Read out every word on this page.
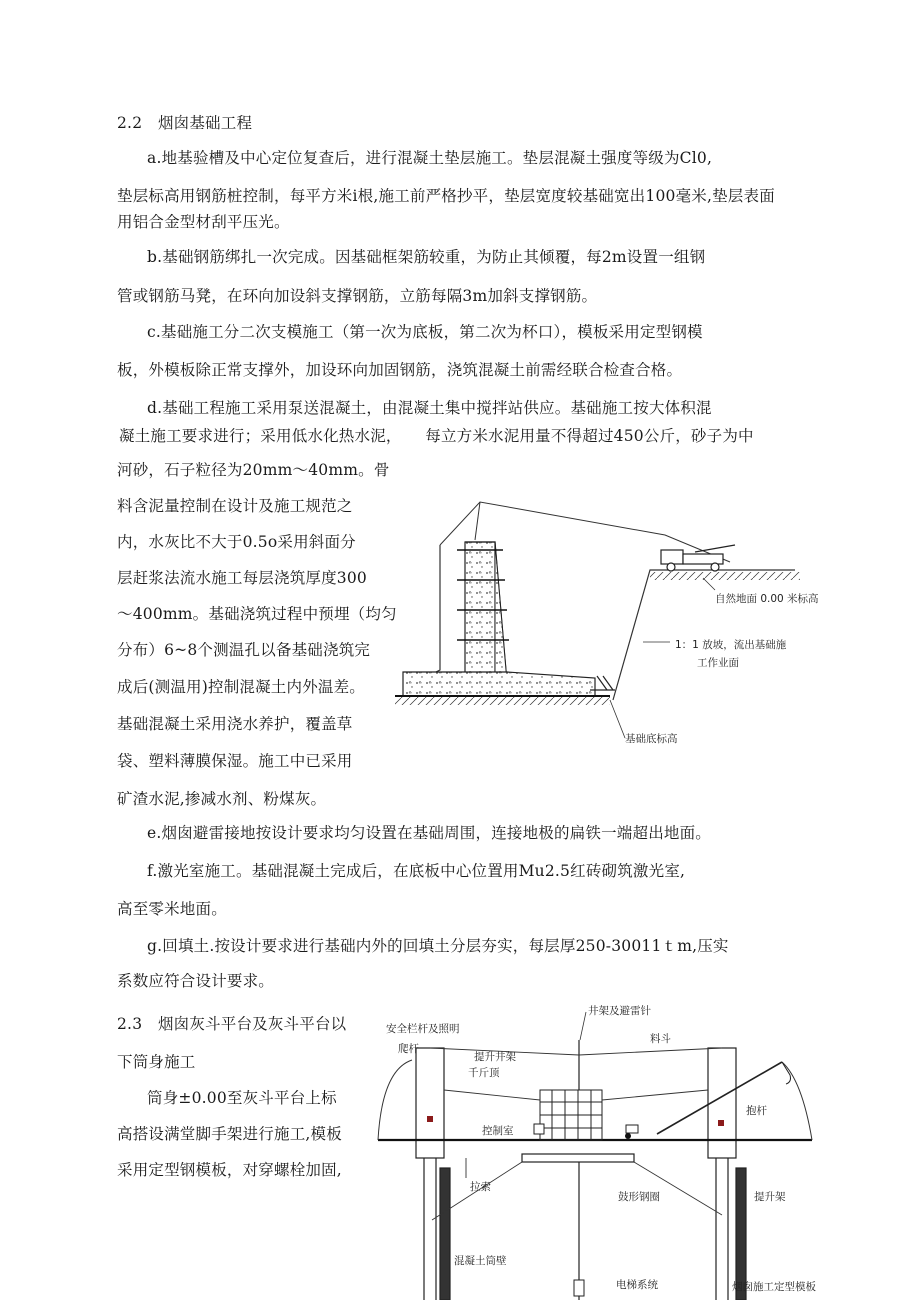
2.2　烟囱基础工程
a.地基验槽及中心定位复查后，进行混凝土垫层施工。垫层混凝土强度等级为Cl0,
垫层标高用钢筋桩控制，每平方米i根,施工前严格抄平，垫层宽度较基础宽出100毫米,垫层表面
用铝合金型材刮平压光。
b.基础钢筋绑扎一次完成。因基础框架筋较重，为防止其倾覆，每2m设置一组钢
管或钢筋马凳，在环向加设斜支撑钢筋，立筋每隔3m加斜支撑钢筋。
c.基础施工分二次支模施工（第一次为底板，第二次为杯口），模板采用定型钢模
板，外模板除正常支撑外，加设环向加固钢筋，浇筑混凝土前需经联合检查合格。
d.基础工程施工采用泵送混凝土，由混凝土集中搅拌站供应。基础施工按大体积混
凝土施工要求进行；采用低水化热水泥，　　每立方米水泥用量不得超过450公斤，砂子为中
河砂，石子粒径为20mm～40mm。骨
料含泥量控制在设计及施工规范之
内，水灰比不大于0.5o采用斜面分
层赶浆法流水施工每层浇筑厚度300
～400mm。基础浇筑过程中预埋（均匀
分布）6~8个测温孔以备基础浇筑完
成后(测温用)控制混凝土内外温差。
基础混凝土采用浇水养护，覆盖草
袋、塑料薄膜保湿。施工中已采用
矿渣水泥,掺减水剂、粉煤灰。
e.烟囱避雷接地按设计要求均匀设置在基础周围，连接地极的扁铁一端超出地面。
f.激光室施工。基础混凝土完成后，在底板中心位置用Mu2.5红砖砌筑激光室,
高至零米地面。
g.回填土.按设计要求进行基础内外的回填土分层夯实，每层厚250-30011ｔm,压实
系数应符合设计要求。
2.3　烟囱灰斗平台及灰斗平台以
下筒身施工
筒身±0.00至灰斗平台上标
高搭设满堂脚手架进行施工,模板
采用定型钢模板，对穿螺栓加固,
自然地面 0.00 米标高
1：1 放坡，流出基础施
工作业面
基础底标高
安全栏杆及照明
井架及避雷针
爬杆
提升井架
千斤顶
料斗
控制室
抱杆
拉索
鼓形钢圈	提升架
混凝土筒壁
电梯系统	烟囱施工定型模板
